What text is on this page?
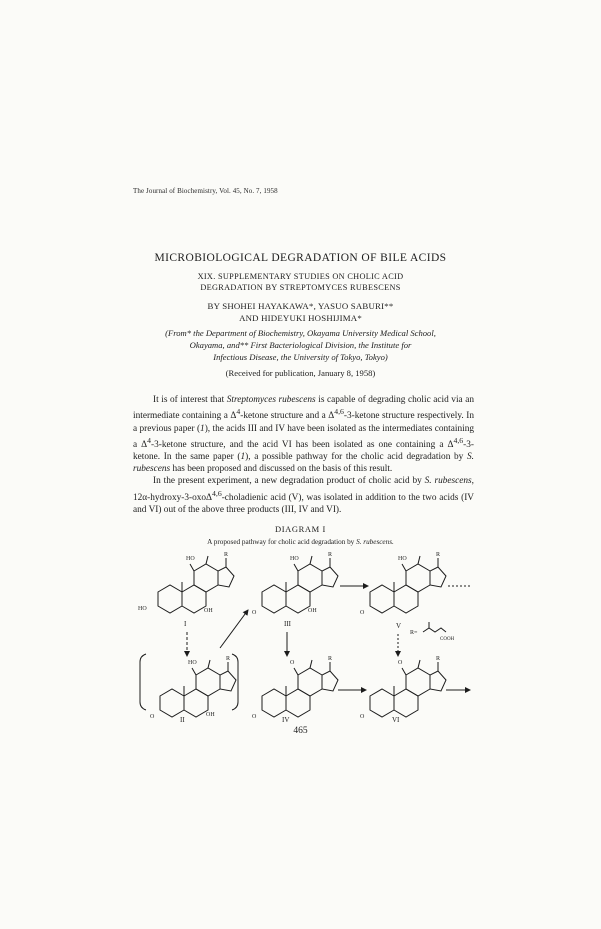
The Journal of Biochemistry, Vol. 45, No. 7, 1958
MICROBIOLOGICAL DEGRADATION OF BILE ACIDS
XIX. SUPPLEMENTARY STUDIES ON CHOLIC ACID
DEGRADATION BY STREPTOMYCES RUBESCENS
BY SHOHEI HAYAKAWA*, YASUO SABURI**
AND HIDEYUKI HOSHIJIMA*
(From* the Department of Biochemistry, Okayama University Medical School,
Okayama, and** First Bacteriological Division, the Institute for
Infectious Disease, the University of Tokyo, Tokyo)
(Received for publication, January 8, 1958)

It is of interest that Streptomyces rubescens is capable of degrading cholic acid via an intermediate containing a $\Delta^4$-ketone structure and a Δ$^{4,6}$-3-ketone structure respectively. In a previous paper (1), the acids III and IV have been isolated as the intermediates containing a $\Delta^4-3$-ketone structure, and the acid VI has been isolated as one containing a Δ$^{4,6}$-3-ketone. In the same paper (1), a possible pathway for the cholic acid degradation by S. rubescens has been proposed and discussed on the basis of this result.

In the present experiment, a new degradation product of cholic acid by S. rubescens, 12α-hydroxy-3-oxoΔ$^{4,6}$-choladienic acid (V), was isolated in addition to the two acids (IV and VI) out of the above three products (III, IV and VI).

DIAGRAM I
A proposed pathway for cholic acid degradation by S. rubescens.
HO
R
HO	OH
I
HO
R
O	OH
III
HO
R
O
V
R=
COOH
HO
R
O	OH
II
O
R
O	IV
O
R
O	VI
465
